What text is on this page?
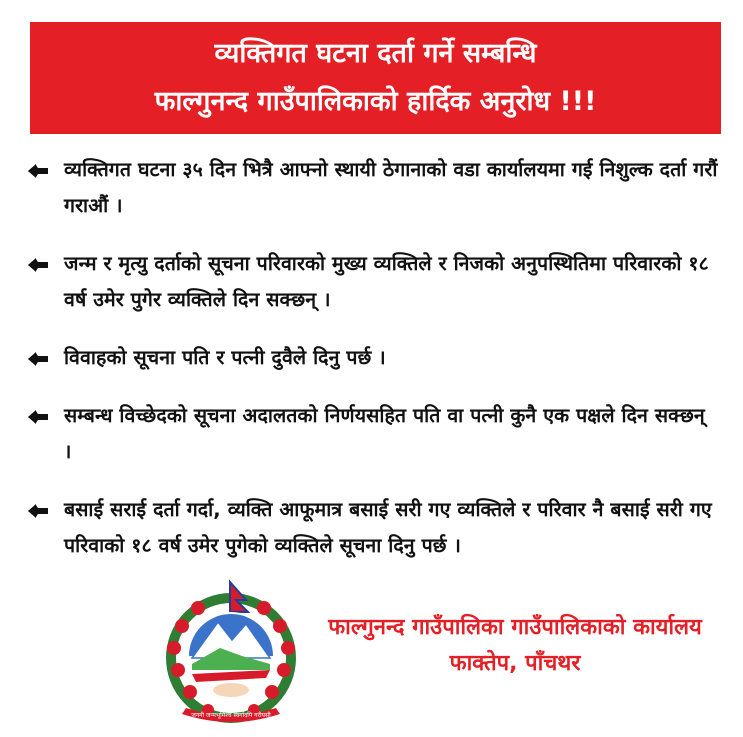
व्यक्तिगत घटना दर्ता गर्ने सम्बन्धि
फाल्गुनन्द गाउँपालिकाको हार्दिक अनुरोध !!!
व्यक्तिगत घटना ३५ दिन भित्रै आफ्नो स्थायी ठेगानाको वडा कार्यालयमा गई निशुल्क दर्ता गरौं गराऔं ।
जन्म र मृत्यु दर्ताको सूचना परिवारको मुख्य व्यक्तिले र निजको अनुपस्थितिमा परिवारको १८ वर्ष उमेर पुगेर व्यक्तिले दिन सक्छन् ।
विवाहको सूचना पति र पत्नी दुवैले दिनु पर्छ ।
सम्बन्ध विच्छेदको सूचना अदालतको निर्णयसहित पति वा पत्नी कुनै एक पक्षले दिन सक्छन् ।
बसाई सराई दर्ता गर्दा, व्यक्ति आफूमात्र बसाई सरी गए व्यक्तिले र परिवार नै बसाई सरी गए परिवाको १८ वर्ष उमेर पुगेको व्यक्तिले सूचना दिनु पर्छ ।
जननी जन्मभूमिश्च स्वर्गादपि गरीयसी
फाल्गुनन्द गाउँपालिका गाउँपालिकाको कार्यालय
फाक्तेप, पाँचथर
